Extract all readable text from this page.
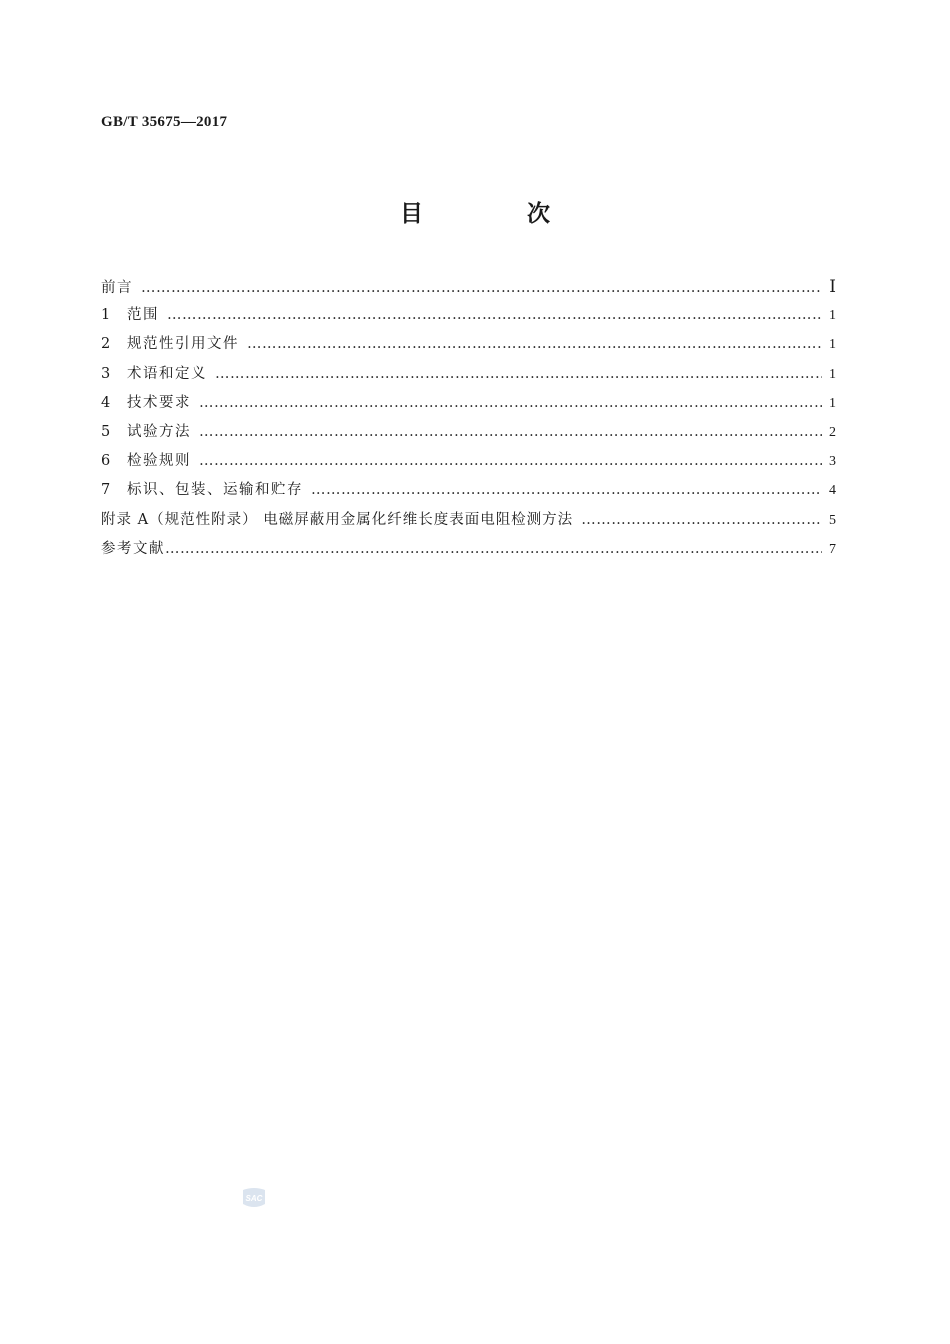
GB/T 35675—2017
目 次
前言 ……………………………………………………………………………………………………………………………………………………………………………………………………	Ⅰ
1	范围 ……………………………………………………………………………………………………………………………………………………………………………………………………	1
2	规范性引用文件 ……………………………………………………………………………………………………………………………………………………………………………………………………	1
3	术语和定义 ……………………………………………………………………………………………………………………………………………………………………………………………………	1
4	技术要求 ……………………………………………………………………………………………………………………………………………………………………………………………………	1
5	试验方法 ……………………………………………………………………………………………………………………………………………………………………………………………………	2
6	检验规则 ……………………………………………………………………………………………………………………………………………………………………………………………………	3
7	标识、包装、运输和贮存 ……………………………………………………………………………………………………………………………………………………………………………………………………	4
附录 A（规范性附录） 电磁屏蔽用金属化纤维长度表面电阻检测方法 ……………………………………………………………………………………………………………………………………………………………………………………………………	5
参考文献 ……………………………………………………………………………………………………………………………………………………………………………………………………	7
SAC
